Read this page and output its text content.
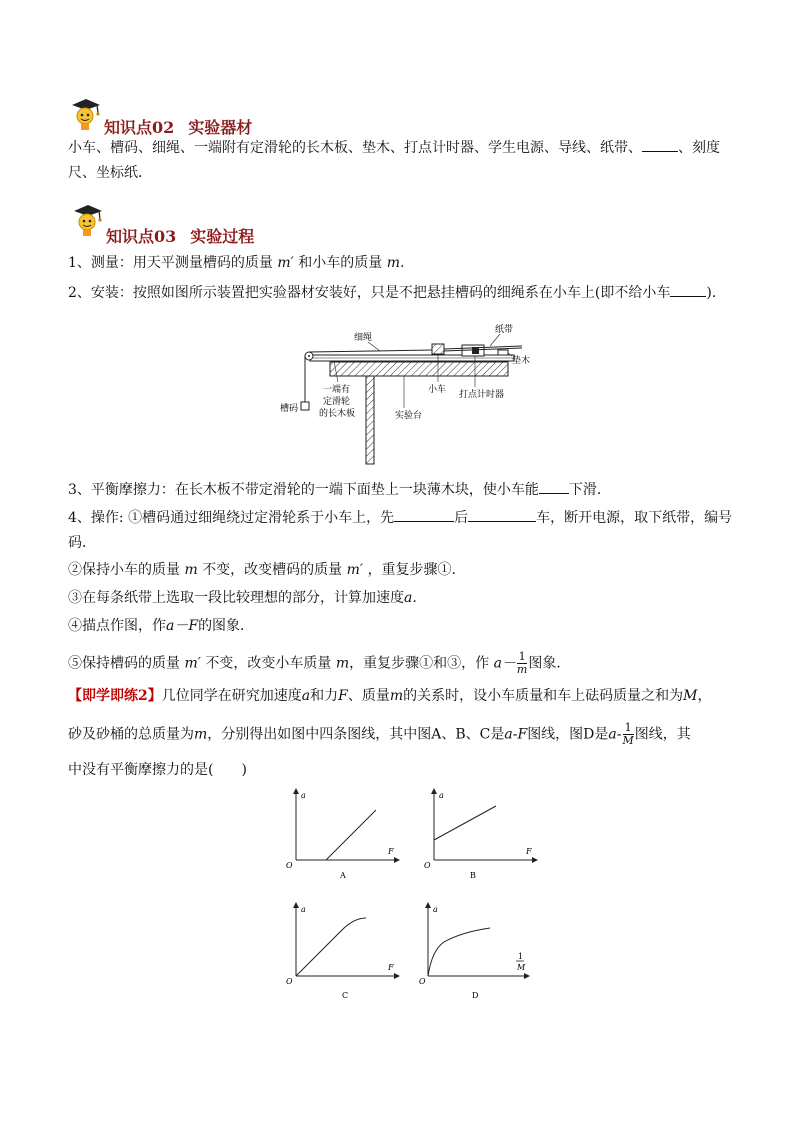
知识点02 实验器材
小车、槽码、细绳、一端附有定滑轮的长木板、垫木、打点计时器、学生电源、导线、纸带、	、刻度
尺、坐标纸．
知识点03 实验过程
1、测量：用天平测量槽码的质量 m′ 和小车的质量 m.
2、安装：按照如图所示装置把实验器材安装好，只是不把悬挂槽码的细绳系在小车上(即不给小车	)．
细绳
纸带
垫木
小车 打点计时器
槽码
一端有
定滑轮
的长木板	实验台
3、平衡摩擦力：在长木板不带定滑轮的一端下面垫上一块薄木块，使小车能 下滑．
4、操作: ①槽码通过细绳绕过定滑轮系于小车上，先	后	车，断开电源，取下纸带，编号
码．
②保持小车的质量 m 不变，改变槽码的质量 m′ ，重复步骤①.
③在每条纸带上选取一段比较理想的部分，计算加速度a.
④描点作图，作a－F的图象．
⑤保持槽码的质量 m′ 不变，改变小车质量 m，重复步骤①和③，作 $a- \frac{1}{m}$ 图象．
【即学即练2】几位同学在研究加速度a和力F、质量m的关系时，设小车质量和车上砝码质量之和为M，
砂及砂桶的总质量为m，分别得出如图中四条图线，其中图A、B、C是a-F图线，图D是$a- \frac{1}{M}$ 图线，其
中没有平衡摩擦力的是(　　)
a
F
O
A
a
F
O
B
a
F
O
C
a
1
M
O
D
